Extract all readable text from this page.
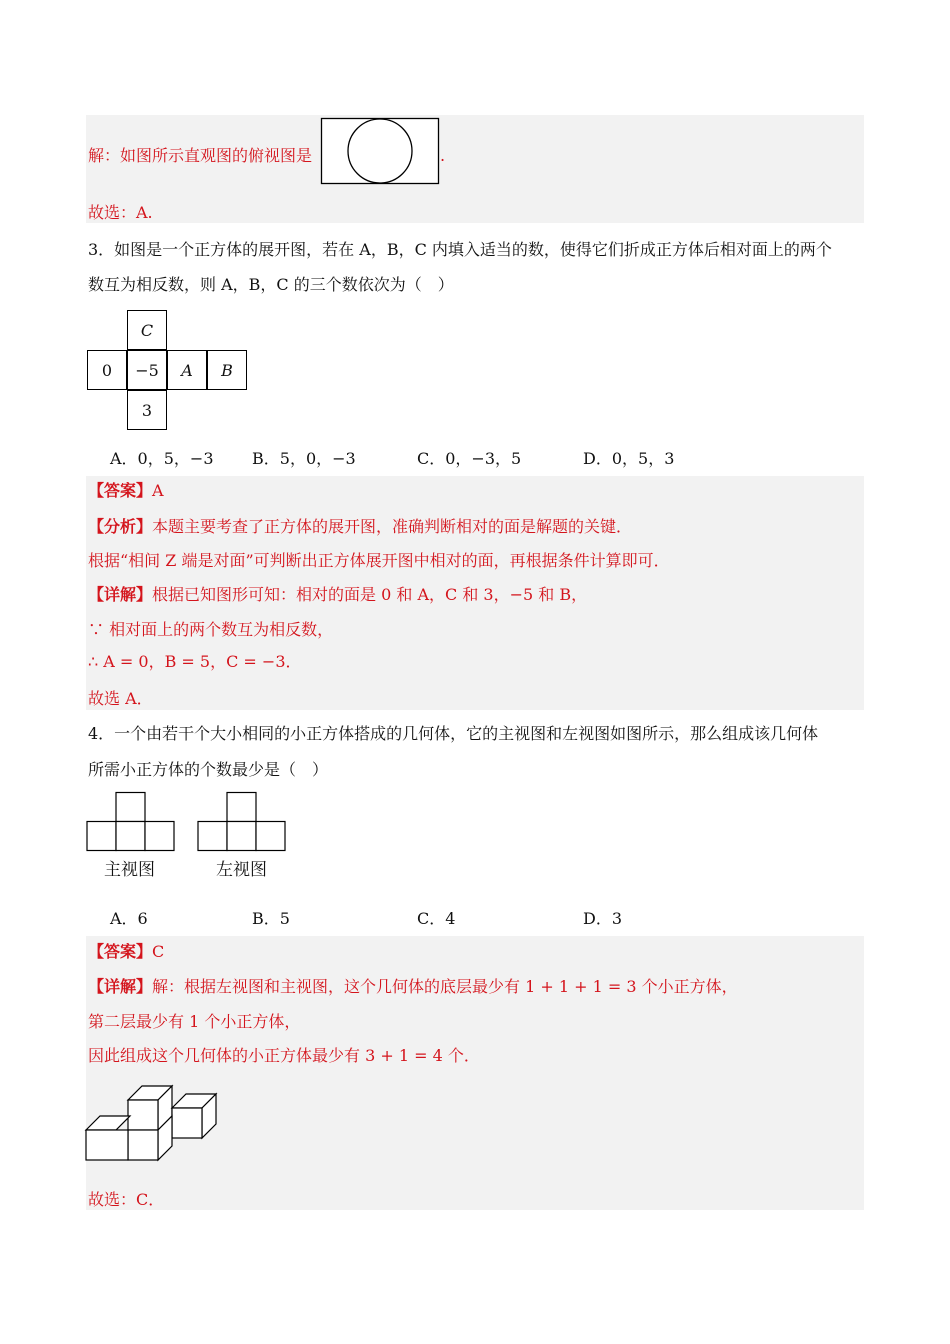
解：如图所示直观图的俯视图是	.
故选：A.
3．如图是一个正方体的展开图，若在 A，B，C 内填入适当的数，使得它们折成正方体后相对面上的两个
数互为相反数，则 A，B，C 的三个数依次为（　）
C
0	−5	A	B
3
A．0，5，−3 B．5，0，−3	C．0，−3，5	D．0，5，3
【答案】A
【分析】本题主要考查了正方体的展开图，准确判断相对的面是解题的关键．
根据“相间 Z 端是对面”可判断出正方体展开图中相对的面，再根据条件计算即可．
【详解】根据已知图形可知：相对的面是 0 和 A，C 和 3，−5 和 B，
∵ 相对面上的两个数互为相反数，
∴ A = 0，B = 5，C = −3．
故选 A．
4．一个由若干个大小相同的小正方体搭成的几何体，它的主视图和左视图如图所示，那么组成该几何体
所需小正方体的个数最少是（　）
主视图	左视图
A．6	B．5	C．4	D．3
【答案】C
【详解】解：根据左视图和主视图，这个几何体的底层最少有 1 + 1 + 1 = 3 个小正方体，
第二层最少有 1 个小正方体，
因此组成这个几何体的小正方体最少有 3 + 1 = 4 个．
故选：C．
